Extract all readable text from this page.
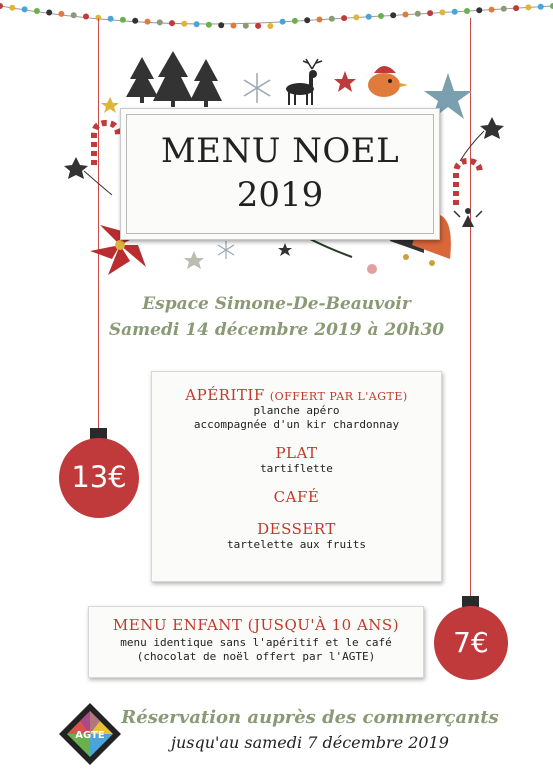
MENU NOEL
2019
Espace Simone-De-Beauvoir
Samedi 14 décembre 2019 à 20h30
13€
APÉRITIF (OFFERT PAR L'AGTE)
planche apéro
accompagnée d'un kir chardonnay
PLAT
tartiflette
CAFÉ
DESSERT
tartelette aux fruits
MENU ENFANT (JUSQU'À 10 ANS)
menu identique sans l'apéritif et le café
(chocolat de noël offert par l'AGTE)	7€
AGTE
Réservation auprès des commerçants
jusqu'au samedi 7 décembre 2019
